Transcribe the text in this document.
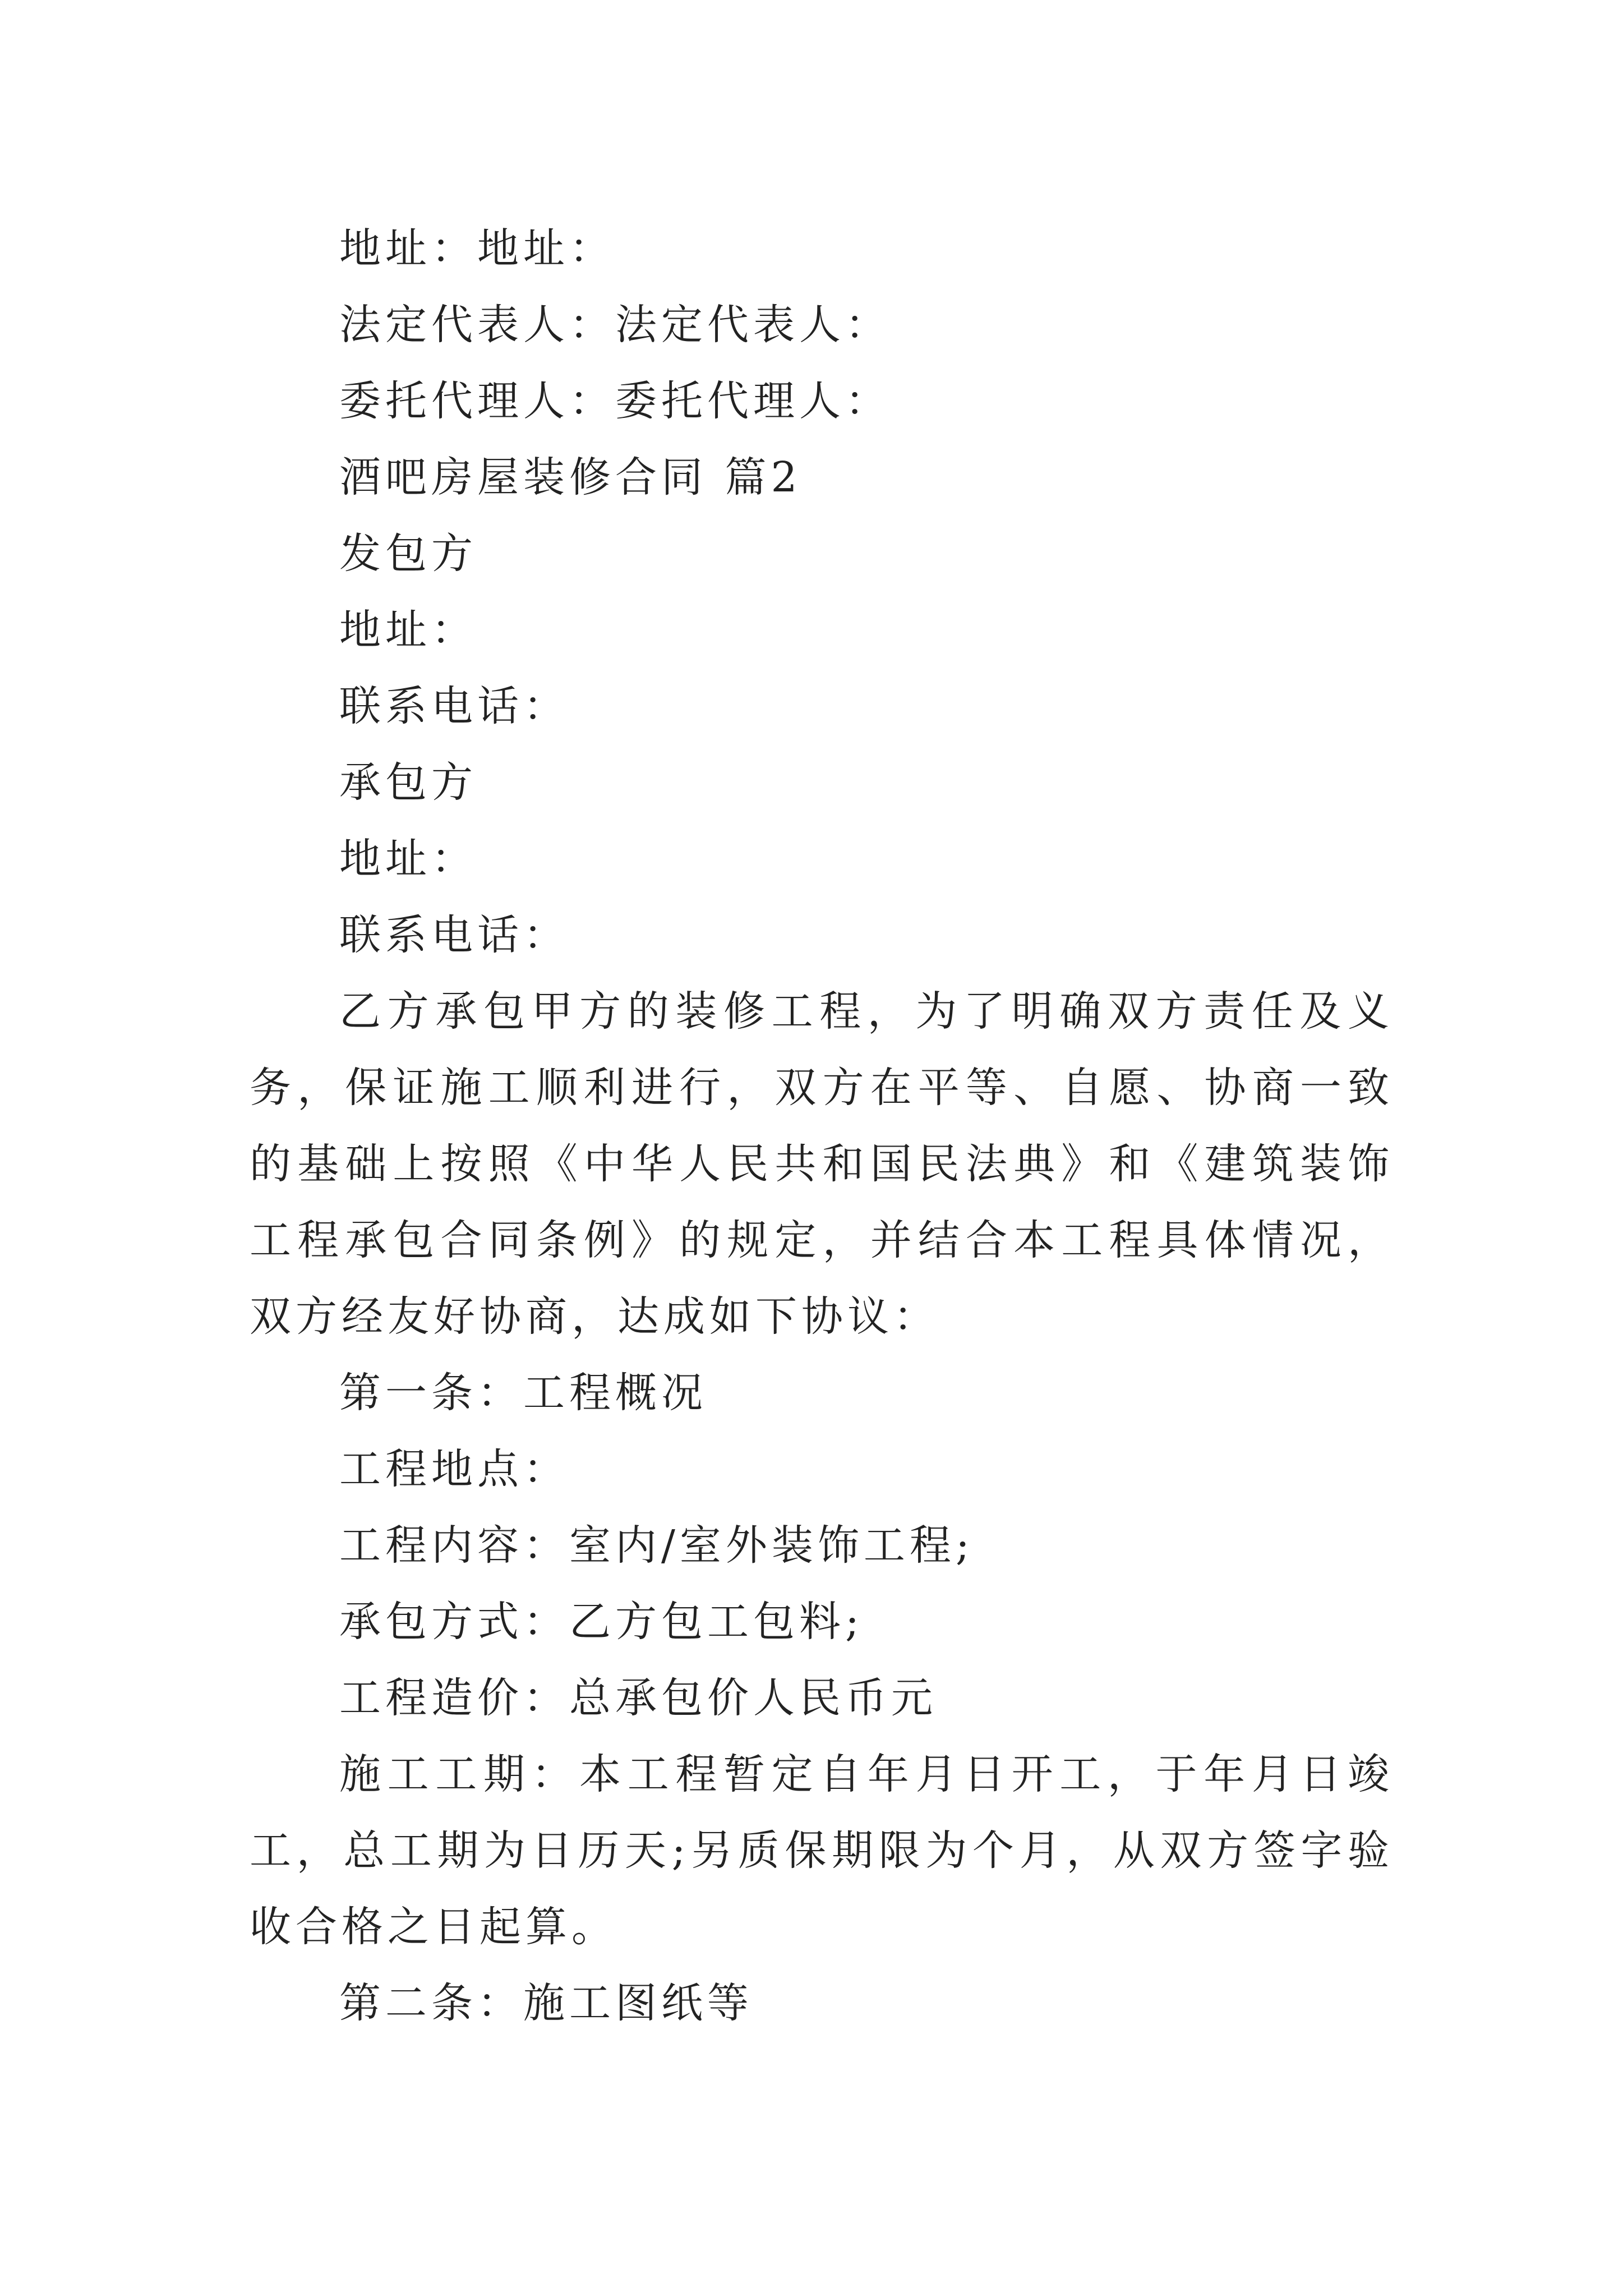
地址：地址：
法定代表人：法定代表人：
委托代理人：委托代理人：
酒吧房屋装修合同 篇2
发包方
地址：
联系电话：
承包方
地址：
联系电话：

乙方承包甲方的装修工程，为了明确双方责任及义务，保证施工顺利进行，双方在平等、自愿、协商一致的基础上按照《中华人民共和国民法典》和《建筑装饰工程承包合同条例》的规定，并结合本工程具体情况，双方经友好协商，达成如下协议：

第一条：工程概况
工程地点：
工程内容：室内/室外装饰工程;
承包方式：乙方包工包料;
工程造价：总承包价人民币元

施工工期：本工程暂定自年月日开工，于年月日竣工，总工期为日历天;另质保期限为个月，从双方签字验收合格之日起算。

第二条：施工图纸等
